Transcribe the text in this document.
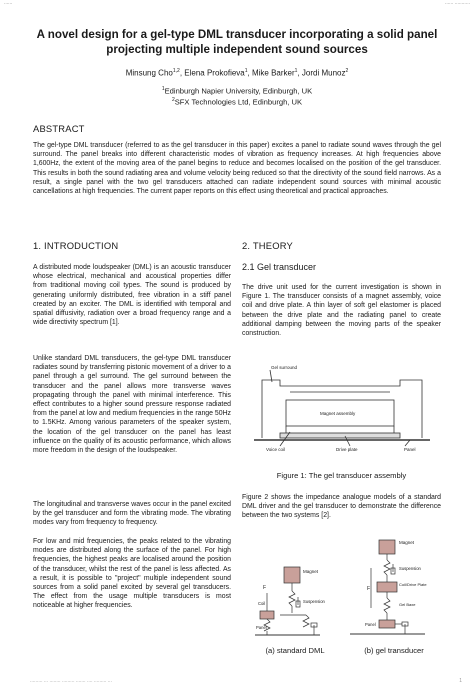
......	...... ...........
A novel design for a gel-type DML transducer incorporating a solid panel projecting multiple independent sound sources
Minsung Cho$^{1,2}$, Elena Prokofieva$^1$, Mike Barker$^1$, Jordi Munoz$^2$
$^1$Edinburgh Napier University, Edinburgh, UK
$^2$SFX Technologies Ltd, Edinburgh, UK
ABSTRACT
The gel-type DML transducer (referred to as the gel transducer in this paper) excites a panel to radiate sound waves through the gel surround. The panel breaks into different characteristic modes of vibration as frequency increases. At high frequencies above 1,600Hz, the extent of the moving area of the panel begins to reduce and becomes localised on the position of the gel transducer. This results in both the sound radiating area and volume velocity being reduced so that the directivity of the sound field narrows. As a result, a single panel with the two gel transducers attached can radiate independent sound sources with minimal acoustic cancellations at high frequencies. The current paper reports on this effect using theoretical and practical approaches.
1. INTRODUCTION
A distributed mode loudspeaker (DML) is an acoustic transducer whose electrical, mechanical and acoustical properties differ from traditional moving coil types. The sound is produced by generating uniformly distributed, free vibration in a stiff panel created by an exciter. The DML is identified with temporal and spatial diffusivity, radiation over a broad frequency range and a wide directivity spectrum [1].
Unlike standard DML transducers, the gel-type DML transducer radiates sound by transferring pistonic movement of a driver to a panel through a gel surround. The gel surround between the transducer and the panel allows more transverse waves propagating through the panel with minimal interference. This effect contributes to a higher sound pressure response radiated from the panel at low and medium frequencies in the range 50Hz to 1.5KHz. Among various parameters of the speaker system, the location of the gel transducer on the panel has least influence on the quality of its acoustic performance, which allows more freedom in the design of the loudspeaker.
The longitudinal and transverse waves occur in the panel excited by the gel transducer and form the vibrating mode. The vibrating modes vary from frequency to frequency.
For low and mid frequencies, the peaks related to the vibrating modes are distributed along the surface of the panel. For high frequencies, the highest peaks are localised around the position of the transducer, whilst the rest of the panel is less affected. As a result, it is possible to "project" multiple independent sound sources from a solid panel excited by several gel transducers. The effect from the usage multiple transducers is most noticeable at higher frequencies.
2. THEORY
2.1 Gel transducer
The drive unit used for the current investigation is shown in Figure 1. The transducer consists of a magnet assembly, voice coil and drive plate. A thin layer of soft gel elastomer is placed between the drive plate and the radiating panel to create additional damping between the moving parts of the speaker construction.
Gel surround
Magnet assembly
Voice coil	Drive plate	Panel
Figure 1: The gel transducer assembly
Figure 2 shows the impedance analogue models of a standard DML driver and the gel transducer to demonstrate the difference between the two systems [2].
Magnet
Suspension
Coil
Panel
F
(a) standard DML
Magnet
Suspension
Coil/Drive Plate
Gel Baxe
Panel
F
(b) gel transducer
......... ... ........ ......... ....... .... ......... ...	1
